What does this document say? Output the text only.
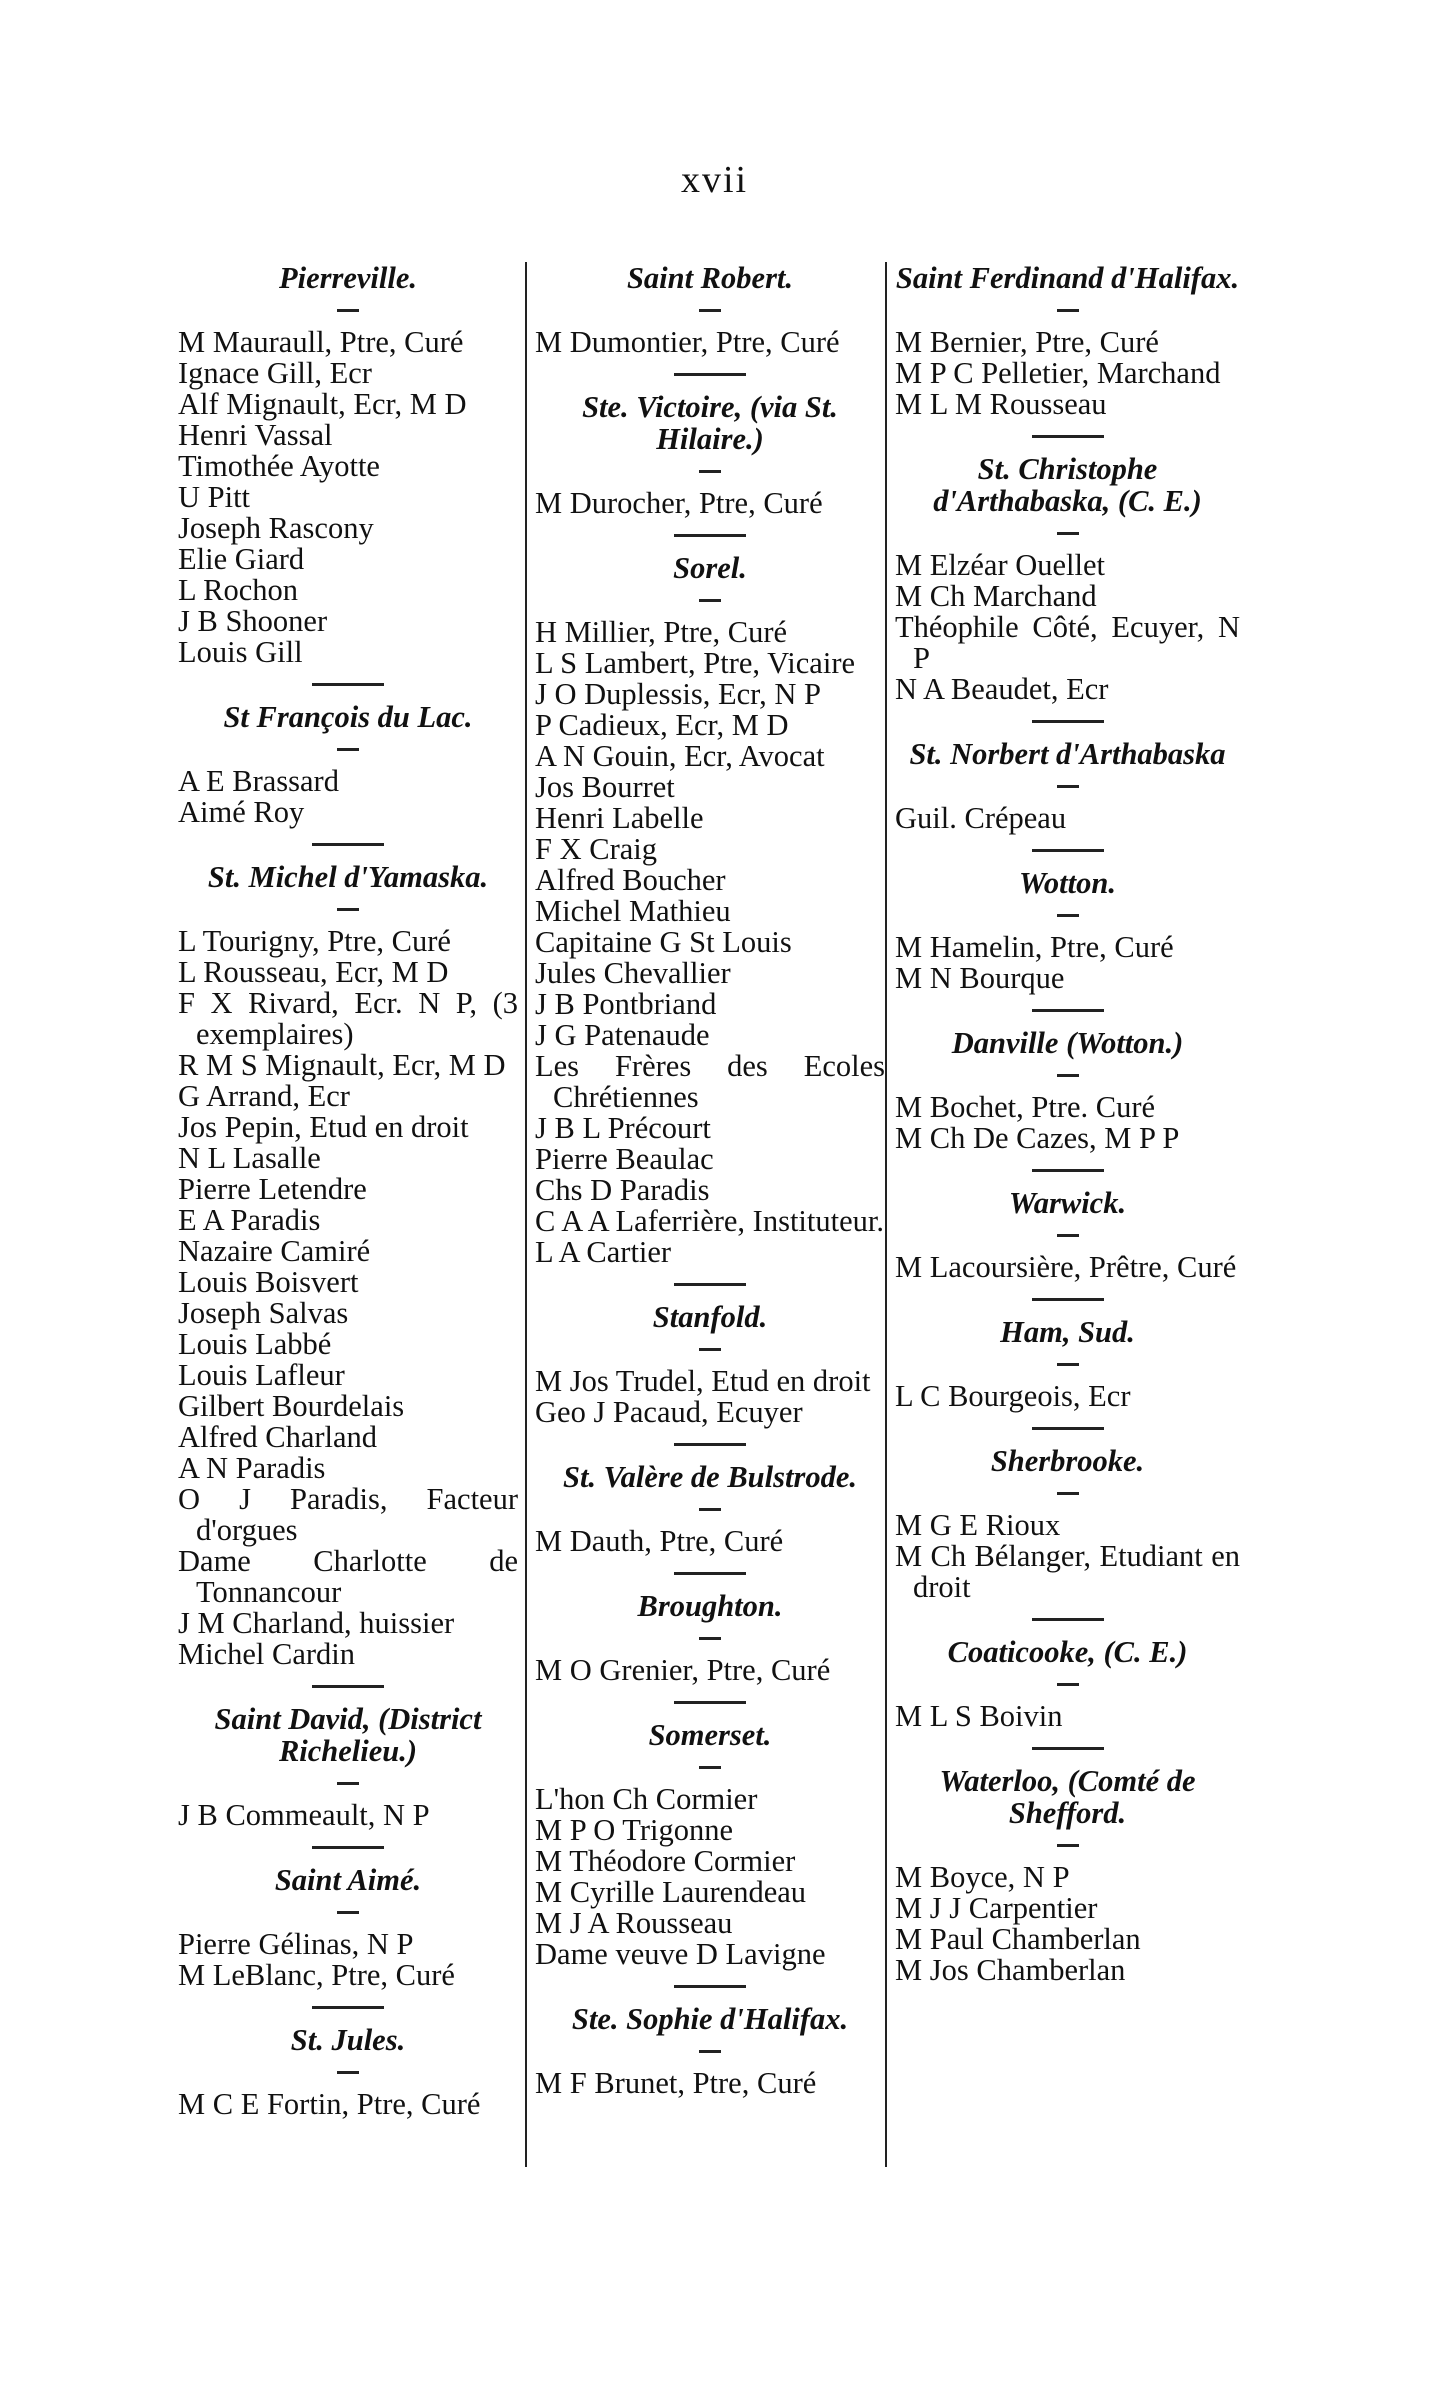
xvii
Pierreville.
M Mauraull, Ptre, Curé
Ignace Gill, Ecr
Alf Mignault, Ecr, M D
Henri Vassal
Timothée Ayotte
U Pitt
Joseph Rascony
Elie Giard
L Rochon
J B Shooner
Louis Gill
St François du Lac.
A E Brassard
Aimé Roy
St. Michel d'Yamaska.
L Tourigny, Ptre, Curé
L Rousseau, Ecr, M D
F X Rivard, Ecr. N P, (3 exemplaires)
R M S Mignault, Ecr, M D
G Arrand, Ecr
Jos Pepin, Etud en droit
N L Lasalle
Pierre Letendre
E A Paradis
Nazaire Camiré
Louis Boisvert
Joseph Salvas
Louis Labbé
Louis Lafleur
Gilbert Bourdelais
Alfred Charland
A N Paradis
O J Paradis, Facteur d'orgues
Dame Charlotte de Tonnancour
J M Charland, huissier
Michel Cardin
Saint David, (District Richelieu.)
J B Commeault, N P
Saint Aimé.
Pierre Gélinas, N P
M LeBlanc, Ptre, Curé
St. Jules.
M C E Fortin, Ptre, Curé
Saint Robert.
M Dumontier, Ptre, Curé
Ste. Victoire, (via St. Hilaire.)
M Durocher, Ptre, Curé
Sorel.
H Millier, Ptre, Curé
L S Lambert, Ptre, Vicaire
J O Duplessis, Ecr, N P
P Cadieux, Ecr, M D
A N Gouin, Ecr, Avocat
Jos Bourret
Henri Labelle
F X Craig
Alfred Boucher
Michel Mathieu
Capitaine G St Louis
Jules Chevallier
J B Pontbriand
J G Patenaude
Les Frères des Ecoles Chrétiennes
J B L Précourt
Pierre Beaulac
Chs D Paradis
C A A Laferrière, Instituteur.
L A Cartier
Stanfold.
M Jos Trudel, Etud en droit
Geo J Pacaud, Ecuyer
St. Valère de Bulstrode.
M Dauth, Ptre, Curé
Broughton.
M O Grenier, Ptre, Curé
Somerset.
L'hon Ch Cormier
M P O Trigonne
M Théodore Cormier
M Cyrille Laurendeau
M J A Rousseau
Dame veuve D Lavigne
Ste. Sophie d'Halifax.
M F Brunet, Ptre, Curé
Saint Ferdinand d'Halifax.
M Bernier, Ptre, Curé
M P C Pelletier, Marchand
M L M Rousseau
St. Christophe d'Arthabaska, (C. E.)
M Elzéar Ouellet
M Ch Marchand
Théophile Côté, Ecuyer, N P
N A Beaudet, Ecr
St. Norbert d'Arthabaska
Guil. Crépeau
Wotton.
M Hamelin, Ptre, Curé
M N Bourque
Danville (Wotton.)
M Bochet, Ptre. Curé
M Ch De Cazes, M P P
Warwick.
M Lacoursière, Prêtre, Curé
Ham, Sud.
L C Bourgeois, Ecr
Sherbrooke.
M G E Rioux
M Ch Bélanger, Etudiant en droit
Coaticooke, (C. E.)
M L S Boivin
Waterloo, (Comté de Shefford.
M Boyce, N P
M J J Carpentier
M Paul Chamberlan
M Jos Chamberlan
